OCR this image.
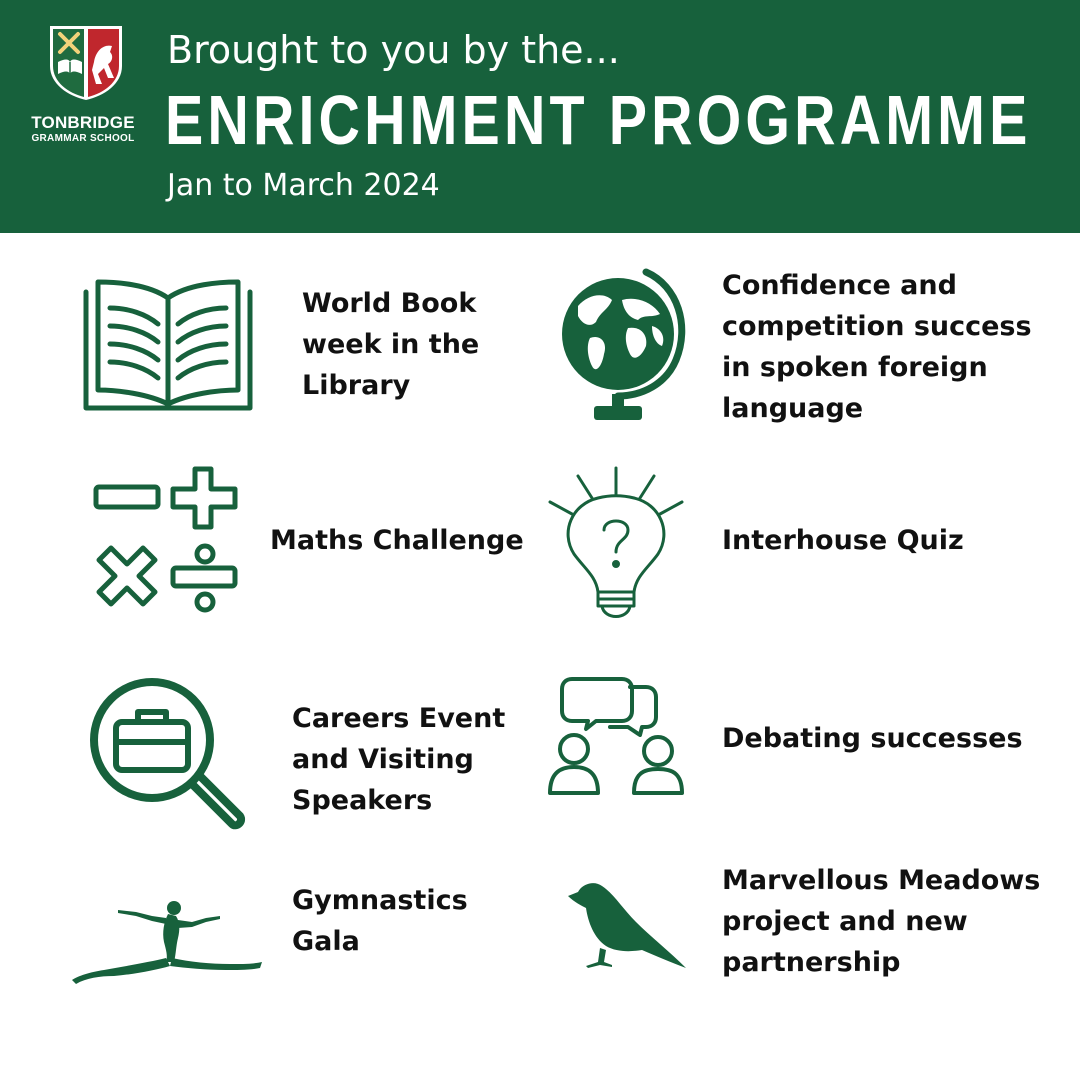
TONBRIDGE
GRAMMAR SCHOOL
Brought to you by the...
ENRICHMENT PROGRAMME
Jan to March 2024
World Book
week in the
Library
Confidence and
competition success
in spoken foreign
language
Maths Challenge	Interhouse Quiz
Careers Event
and Visiting
Speakers
Debating successes
Gymnastics
Gala
Marvellous Meadows
project and new
partnership
